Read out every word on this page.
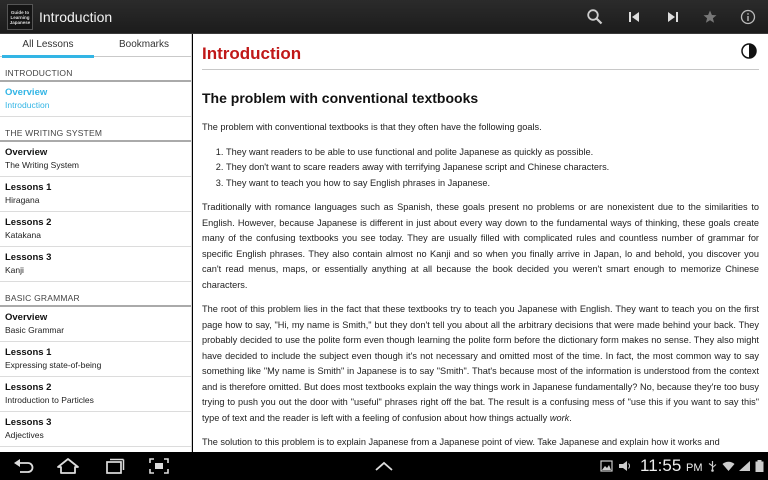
Guide to Learning Japanese Introduction
All Lessons	Bookmarks
INTRODUCTION
Overview
Introduction
THE WRITING SYSTEM
Overview
The Writing System
Lessons 1
Hiragana
Lessons 2
Katakana
Lessons 3
Kanji
BASIC GRAMMAR
Overview
Basic Grammar
Lessons 1
Expressing state-of-being
Lessons 2
Introduction to Particles
Lessons 3
Adjectives
Introduction
The problem with conventional textbooks

The problem with conventional textbooks is that they often have the following goals.

1. They want readers to be able to use functional and polite Japanese as quickly as possible.
2. They don't want to scare readers away with terrifying Japanese script and Chinese characters.
3. They want to teach you how to say English phrases in Japanese.

Traditionally with romance languages such as Spanish, these goals present no problems or are nonexistent due to the similarities to English. However, because Japanese is different in just about every way down to the fundamental ways of thinking, these goals create many of the confusing textbooks you see today. They are usually filled with complicated rules and countless number of grammar for specific English phrases. They also contain almost no Kanji and so when you finally arrive in Japan, lo and behold, you discover you can't read menus, maps, or essentially anything at all because the book decided you weren't smart enough to memorize Chinese characters.

The root of this problem lies in the fact that these textbooks try to teach you Japanese with English. They want to teach you on the first page how to say, "Hi, my name is Smith," but they don't tell you about all the arbitrary decisions that were made behind your back. They probably decided to use the polite form even though learning the polite form before the dictionary form makes no sense. They also might have decided to include the subject even though it's not necessary and omitted most of the time. In fact, the most common way to say something like "My name is Smith" in Japanese is to say "Smith". That's because most of the information is understood from the context and is therefore omitted. But does most textbooks explain the way things work in Japanese fundamentally? No, because they're too busy trying to push you out the door with "useful" phrases right off the bat. The result is a confusing mess of "use this if you want to say this" type of text and the reader is left with a feeling of confusion about how things actually work.

The solution to this problem is to explain Japanese from a Japanese point of view. Take Japanese and explain how it works and

11:55 PM
